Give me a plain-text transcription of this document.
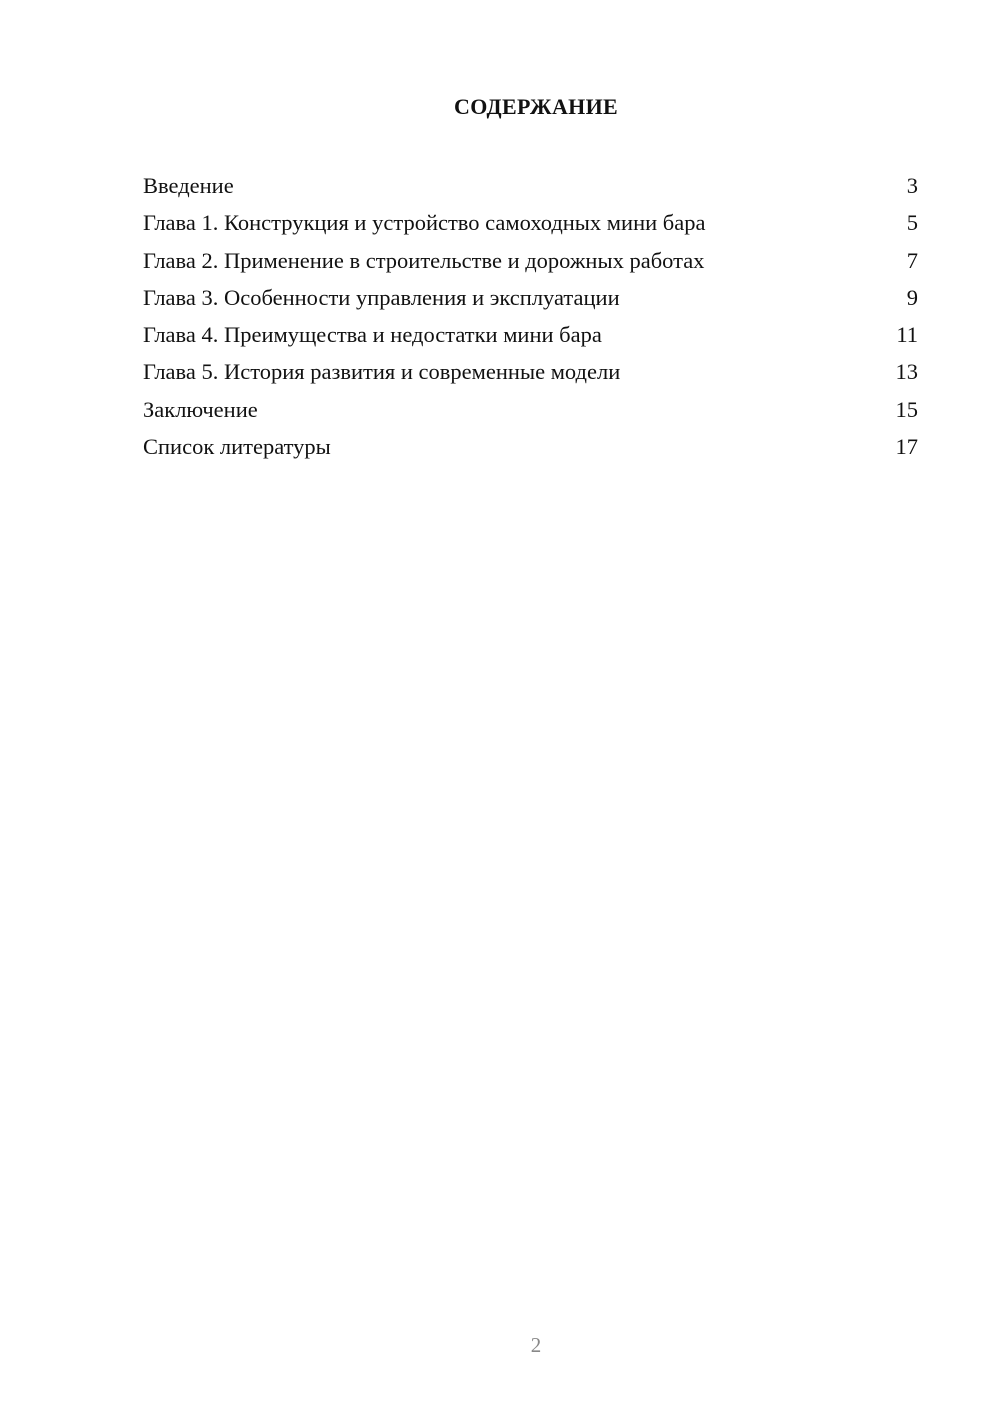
СОДЕРЖАНИЕ
Введение	3
Глава 1. Конструкция и устройство самоходных мини бара	5
Глава 2. Применение в строительстве и дорожных работах	7
Глава 3. Особенности управления и эксплуатации	9
Глава 4. Преимущества и недостатки мини бара	11
Глава 5. История развития и современные модели	13
Заключение	15
Список литературы	17
2
